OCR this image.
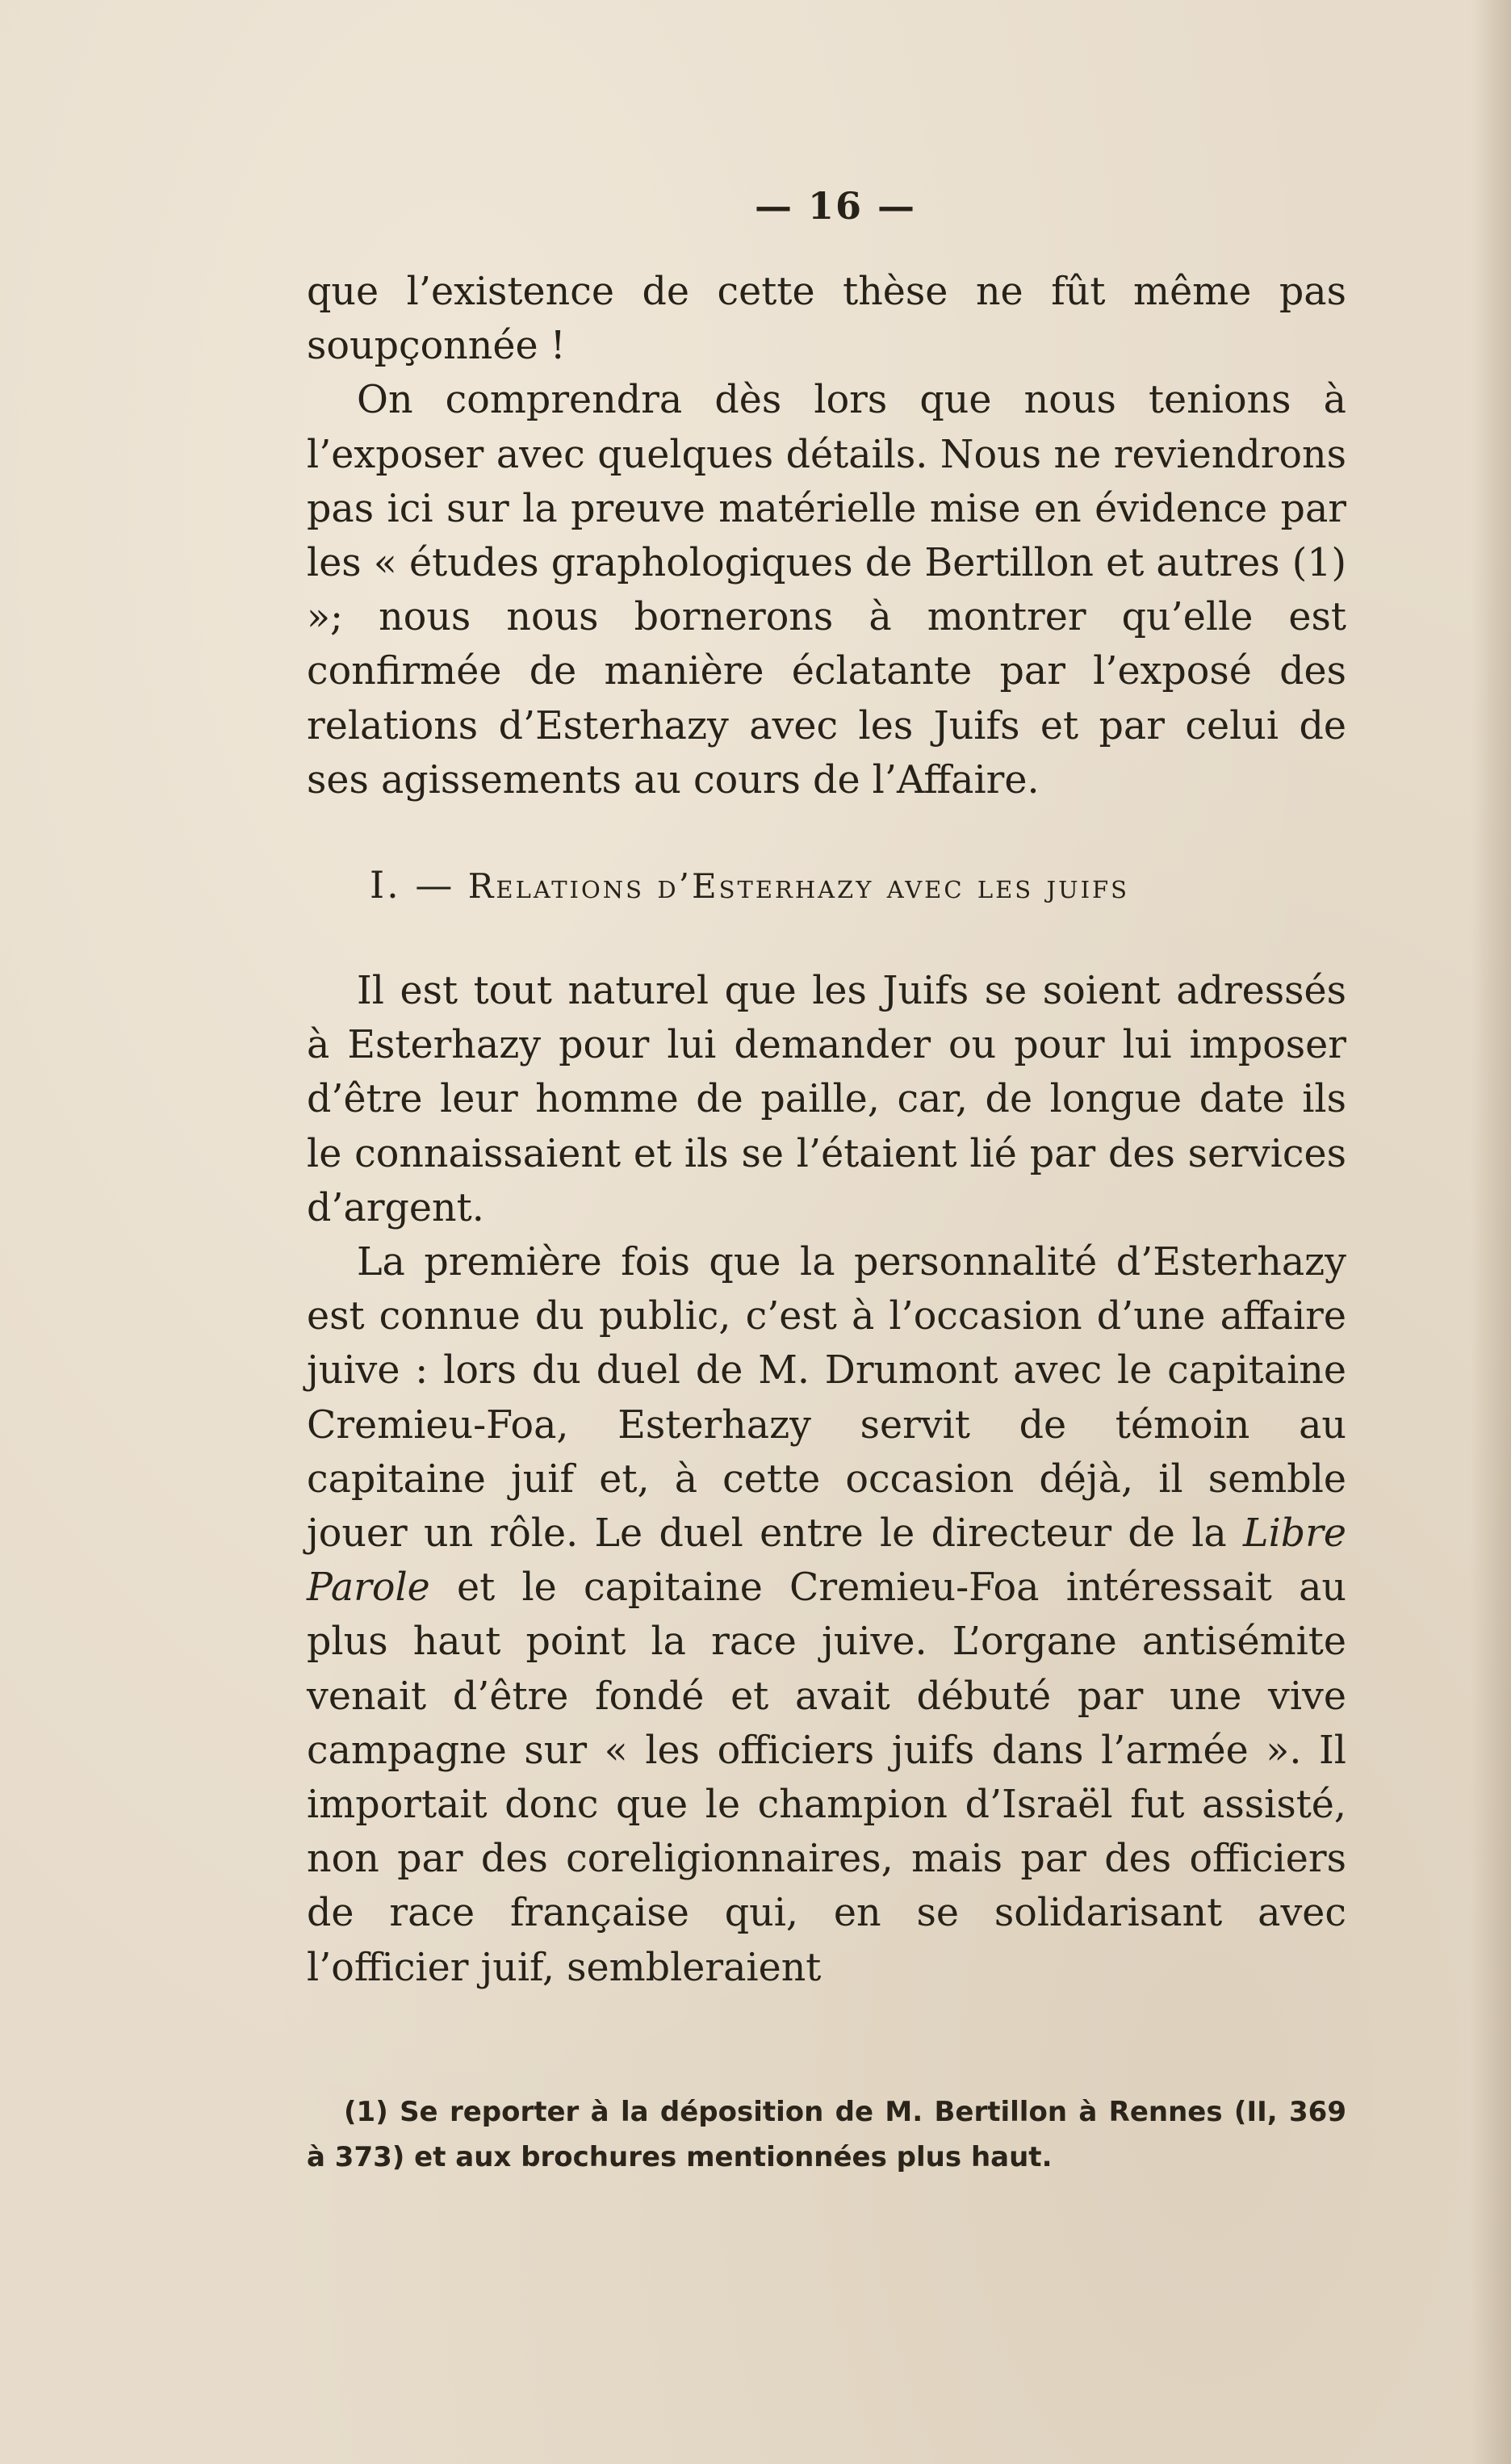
— 16 —

que l’existence de cette thèse ne fût même pas soupçonnée !

On comprendra dès lors que nous tenions à l’exposer avec quelques détails. Nous ne reviendrons pas ici sur la preuve matérielle mise en évidence par les « études graphologiques de Bertillon et autres (1) »; nous nous bornerons à montrer qu’elle est confirmée de manière éclatante par l’exposé des relations d’Esterhazy avec les Juifs et par celui de ses agissements au cours de l’Affaire.

I. — Relations d’Esterhazy avec les juifs

Il est tout naturel que les Juifs se soient adressés à Esterhazy pour lui demander ou pour lui imposer d’être leur homme de paille, car, de longue date ils le connaissaient et ils se l’étaient lié par des services d’argent.

La première fois que la personnalité d’Esterhazy est connue du public, c’est à l’occasion d’une affaire juive : lors du duel de M. Drumont avec le capitaine Cremieu-Foa, Esterhazy servit de témoin au capitaine juif et, à cette occasion déjà, il semble jouer un rôle. Le duel entre le directeur de la Libre Parole et le capitaine Cremieu-Foa intéressait au plus haut point la race juive. L’organe antisémite venait d’être fondé et avait débuté par une vive campagne sur « les officiers juifs dans l’armée ». Il importait donc que le champion d’Israël fut assisté, non par des coreligionnaires, mais par des officiers de race française qui, en se solidarisant avec l’officier juif, sembleraient

(1) Se reporter à la déposition de M. Bertillon à Rennes (II, 369 à 373) et aux brochures mentionnées plus haut.
